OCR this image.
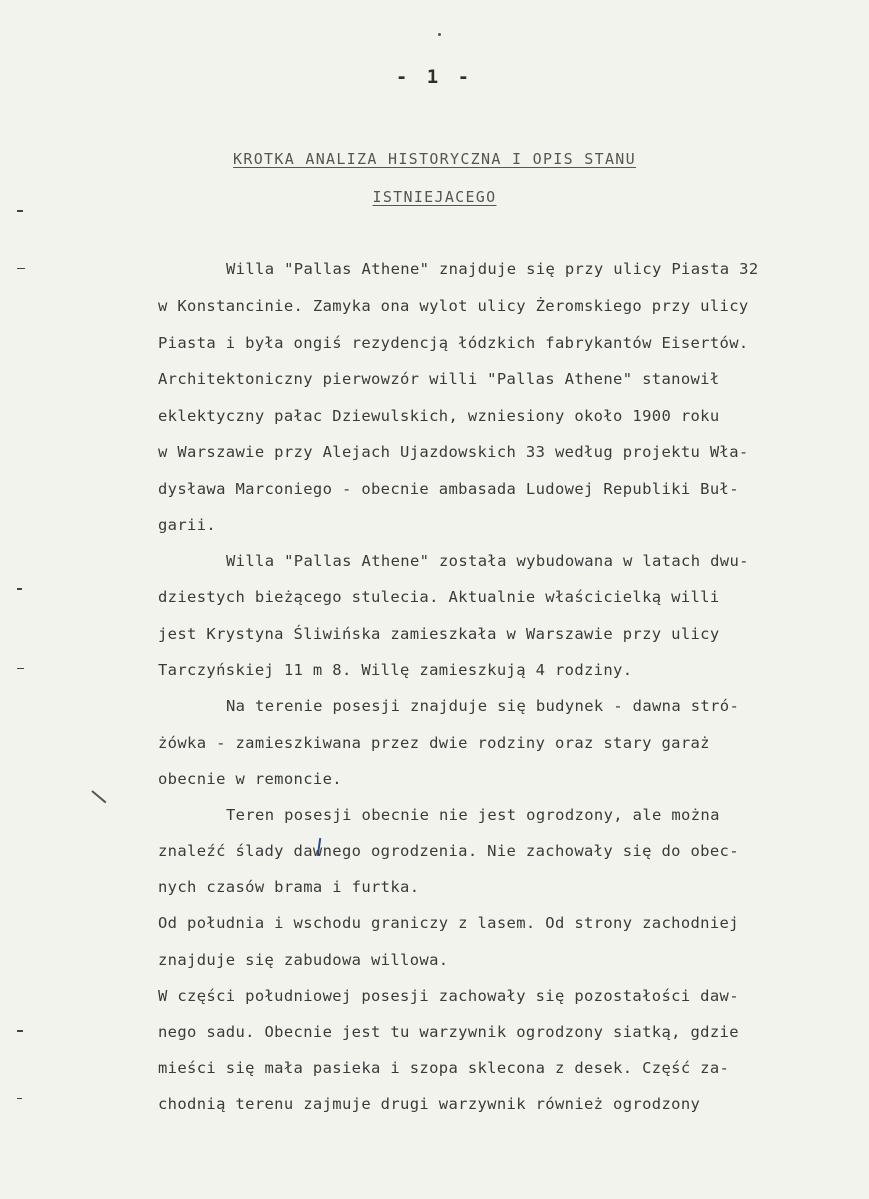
- 1 -
KROTKA ANALIZA HISTORYCZNA I OPIS STANU
ISTNIEJACEGO
Willa "Pallas Athene" znajduje się przy ulicy Piasta 32
w Konstancinie. Zamyka ona wylot ulicy Żeromskiego przy ulicy
Piasta i była ongiś rezydencją łódzkich fabrykantów Eisertów.
Architektoniczny pierwowzór willi "Pallas Athene" stanowił
eklektyczny pałac Dziewulskich, wzniesiony około 1900 roku
w Warszawie przy Alejach Ujazdowskich 33 według projektu Wła-
dysława Marconiego - obecnie ambasada Ludowej Republiki Buł-
garii.
Willa "Pallas Athene" została wybudowana w latach dwu-
dziestych bieżącego stulecia. Aktualnie właścicielką willi
jest Krystyna Śliwińska zamieszkała w Warszawie przy ulicy
Tarczyńskiej 11 m 8. Willę zamieszkują 4 rodziny.
Na terenie posesji znajduje się budynek - dawna stró-
żówka - zamieszkiwana przez dwie rodziny oraz stary garaż
obecnie w remoncie.
Teren posesji obecnie nie jest ogrodzony, ale można
znaleźć ślady dawnego ogrodzenia. Nie zachowały się do obec-
nych czasów brama i furtka.
Od południa i wschodu graniczy z lasem. Od strony zachodniej
znajduje się zabudowa willowa.
W części południowej posesji zachowały się pozostałości daw-
nego sadu. Obecnie jest tu warzywnik ogrodzony siatką, gdzie
mieści się mała pasieka i szopa sklecona z desek. Część za-
chodnią terenu zajmuje drugi warzywnik również ogrodzony
